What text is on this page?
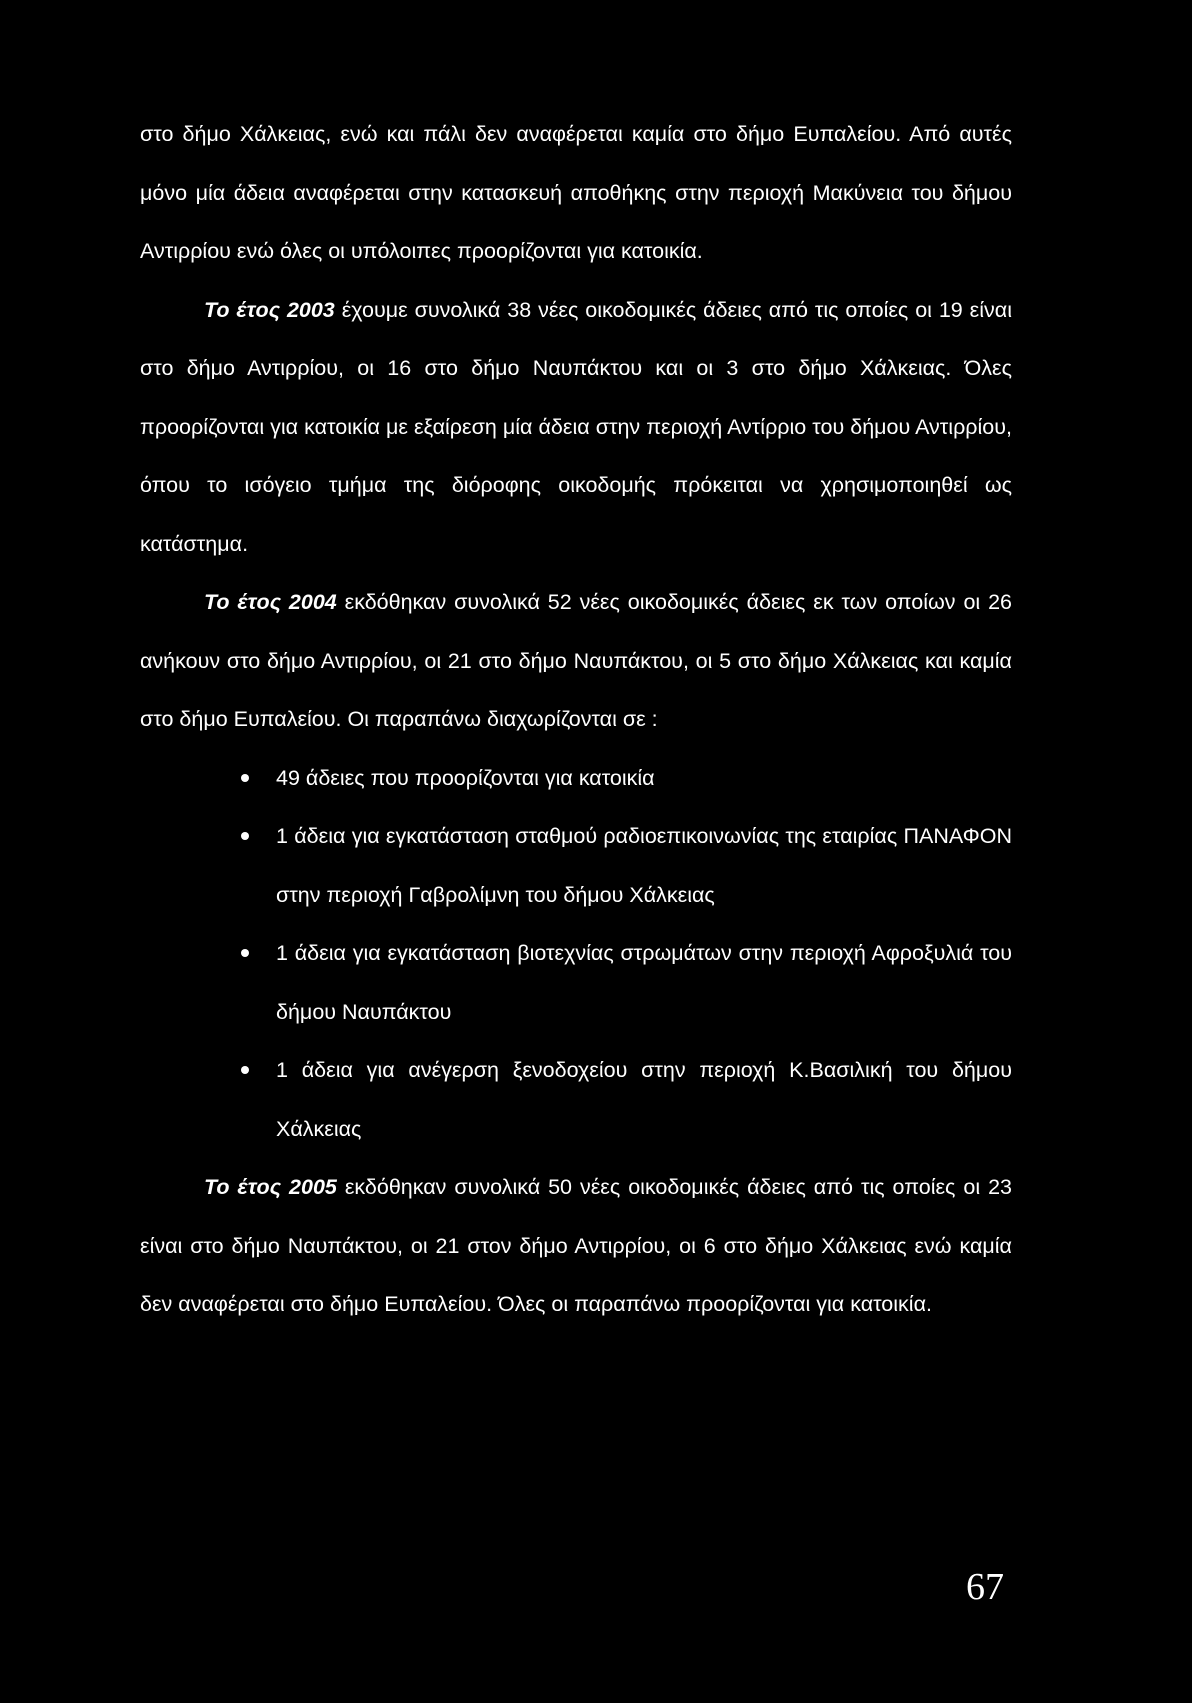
στο δήμο Χάλκειας, ενώ και πάλι δεν αναφέρεται καμία στο δήμο Ευπαλείου. Από αυτές μόνο μία άδεια αναφέρεται στην κατασκευή αποθήκης στην περιοχή Μακύνεια του δήμου Αντιρρίου ενώ όλες οι υπόλοιπες προορίζονται για κατοικία.

Το έτος 2003 έχουμε συνολικά 38 νέες οικοδομικές άδειες από τις οποίες οι 19 είναι στο δήμο Αντιρρίου, οι 16 στο δήμο Ναυπάκτου και οι 3 στο δήμο Χάλκειας. Όλες προορίζονται για κατοικία με εξαίρεση μία άδεια στην περιοχή Αντίρριο του δήμου Αντιρρίου, όπου το ισόγειο τμήμα της διόροφης οικοδομής πρόκειται να χρησιμοποιηθεί ως κατάστημα.

Το έτος 2004 εκδόθηκαν συνολικά 52 νέες οικοδομικές άδειες εκ των οποίων οι 26 ανήκουν στο δήμο Αντιρρίου, οι 21 στο δήμο Ναυπάκτου, οι 5 στο δήμο Χάλκειας και καμία στο δήμο Ευπαλείου. Οι παραπάνω διαχωρίζονται σε :

49 άδειες που προορίζονται για κατοικία
1 άδεια για εγκατάσταση σταθμού ραδιοεπικοινωνίας της εταιρίας ΠΑΝΑΦΟΝ στην περιοχή Γαβρολίμνη του δήμου Χάλκειας
1 άδεια για εγκατάσταση βιοτεχνίας στρωμάτων στην περιοχή Αφροξυλιά του δήμου Ναυπάκτου
1 άδεια για ανέγερση ξενοδοχείου στην περιοχή Κ.Βασιλική του δήμου Χάλκειας

Το έτος 2005 εκδόθηκαν συνολικά 50 νέες οικοδομικές άδειες από τις οποίες οι 23 είναι στο δήμο Ναυπάκτου, οι 21 στον δήμο Αντιρρίου, οι 6 στο δήμο Χάλκειας ενώ καμία δεν αναφέρεται στο δήμο Ευπαλείου. Όλες οι παραπάνω προορίζονται για κατοικία.

67
